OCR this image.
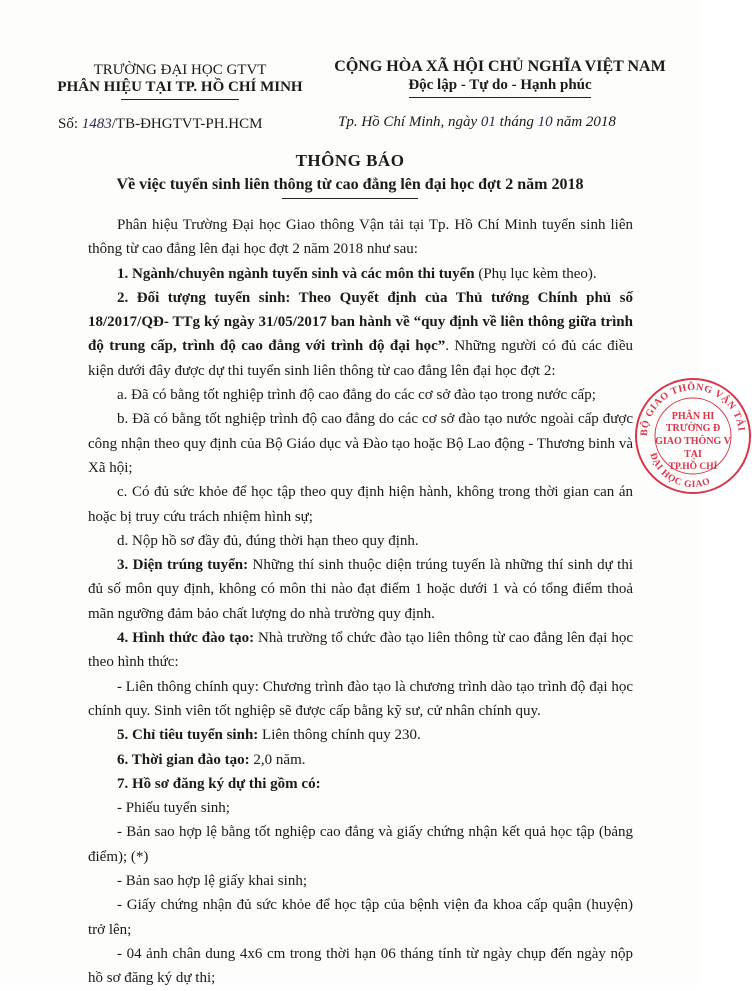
TRƯỜNG ĐẠI HỌC GTVT
PHÂN HIỆU TẠI TP. HỒ CHÍ MINH
CỘNG HÒA XÃ HỘI CHỦ NGHĨA VIỆT NAM
Độc lập - Tự do - Hạnh phúc
Số: 1483/TB-ĐHGTVT-PH.HCM	Tp. Hồ Chí Minh, ngày 01 tháng 10 năm 2018
THÔNG BÁO
Về việc tuyển sinh liên thông từ cao đẳng lên đại học đợt 2 năm 2018

Phân hiệu Trường Đại học Giao thông Vận tải tại Tp. Hồ Chí Minh tuyển sinh liên thông từ cao đẳng lên đại học đợt 2 năm 2018 như sau:

1. Ngành/chuyên ngành tuyển sinh và các môn thi tuyển (Phụ lục kèm theo).

2. Đối tượng tuyển sinh: Theo Quyết định của Thủ tướng Chính phủ số 18/2017/QĐ- TTg ký ngày 31/05/2017 ban hành về “quy định về liên thông giữa trình độ trung cấp, trình độ cao đẳng với trình độ đại học”. Những người có đủ các điều kiện dưới đây được dự thi tuyển sinh liên thông từ cao đẳng lên đại học đợt 2:

a. Đã có bằng tốt nghiệp trình độ cao đẳng do các cơ sở đào tạo trong nước cấp;

b. Đã có bằng tốt nghiệp trình độ cao đẳng do các cơ sở đào tạo nước ngoài cấp được công nhận theo quy định của Bộ Giáo dục và Đào tạo hoặc Bộ Lao động - Thương binh và Xã hội;

c. Có đủ sức khỏe để học tập theo quy định hiện hành, không trong thời gian can án hoặc bị truy cứu trách nhiệm hình sự;

d. Nộp hồ sơ đầy đủ, đúng thời hạn theo quy định.

3. Diện trúng tuyển: Những thí sinh thuộc diện trúng tuyển là những thí sinh dự thi đủ số môn quy định, không có môn thi nào đạt điểm 1 hoặc dưới 1 và có tổng điểm thoả mãn ngưỡng đảm bảo chất lượng do nhà trường quy định.

4. Hình thức đào tạo: Nhà trường tổ chức đào tạo liên thông từ cao đẳng lên đại học theo hình thức:

- Liên thông chính quy: Chương trình đào tạo là chương trình dào tạo trình độ đại học chính quy. Sinh viên tốt nghiệp sẽ được cấp bằng kỹ sư, cử nhân chính quy.

5. Chỉ tiêu tuyển sinh: Liên thông chính quy 230.

6. Thời gian đào tạo: 2,0 năm.

7. Hồ sơ đăng ký dự thi gồm có:

- Phiếu tuyển sinh;

- Bản sao hợp lệ bằng tốt nghiệp cao đẳng và giấy chứng nhận kết quả học tập (bảng điểm); (*)

- Bản sao hợp lệ giấy khai sinh;

- Giấy chứng nhận đủ sức khỏe để học tập của bệnh viện đa khoa cấp quận (huyện) trở lên;

- 04 ảnh chân dung 4x6 cm trong thời hạn 06 tháng tính từ ngày chụp đến ngày nộp hồ sơ đăng ký dự thi;

BỘ GIAO THÔNG VẬN TẢI
ĐẠI HỌC GIAO
PHÂN HI
TRƯỜNG Đ
GIAO THÔNG V
TẠI
TP.HỒ CHÍ
